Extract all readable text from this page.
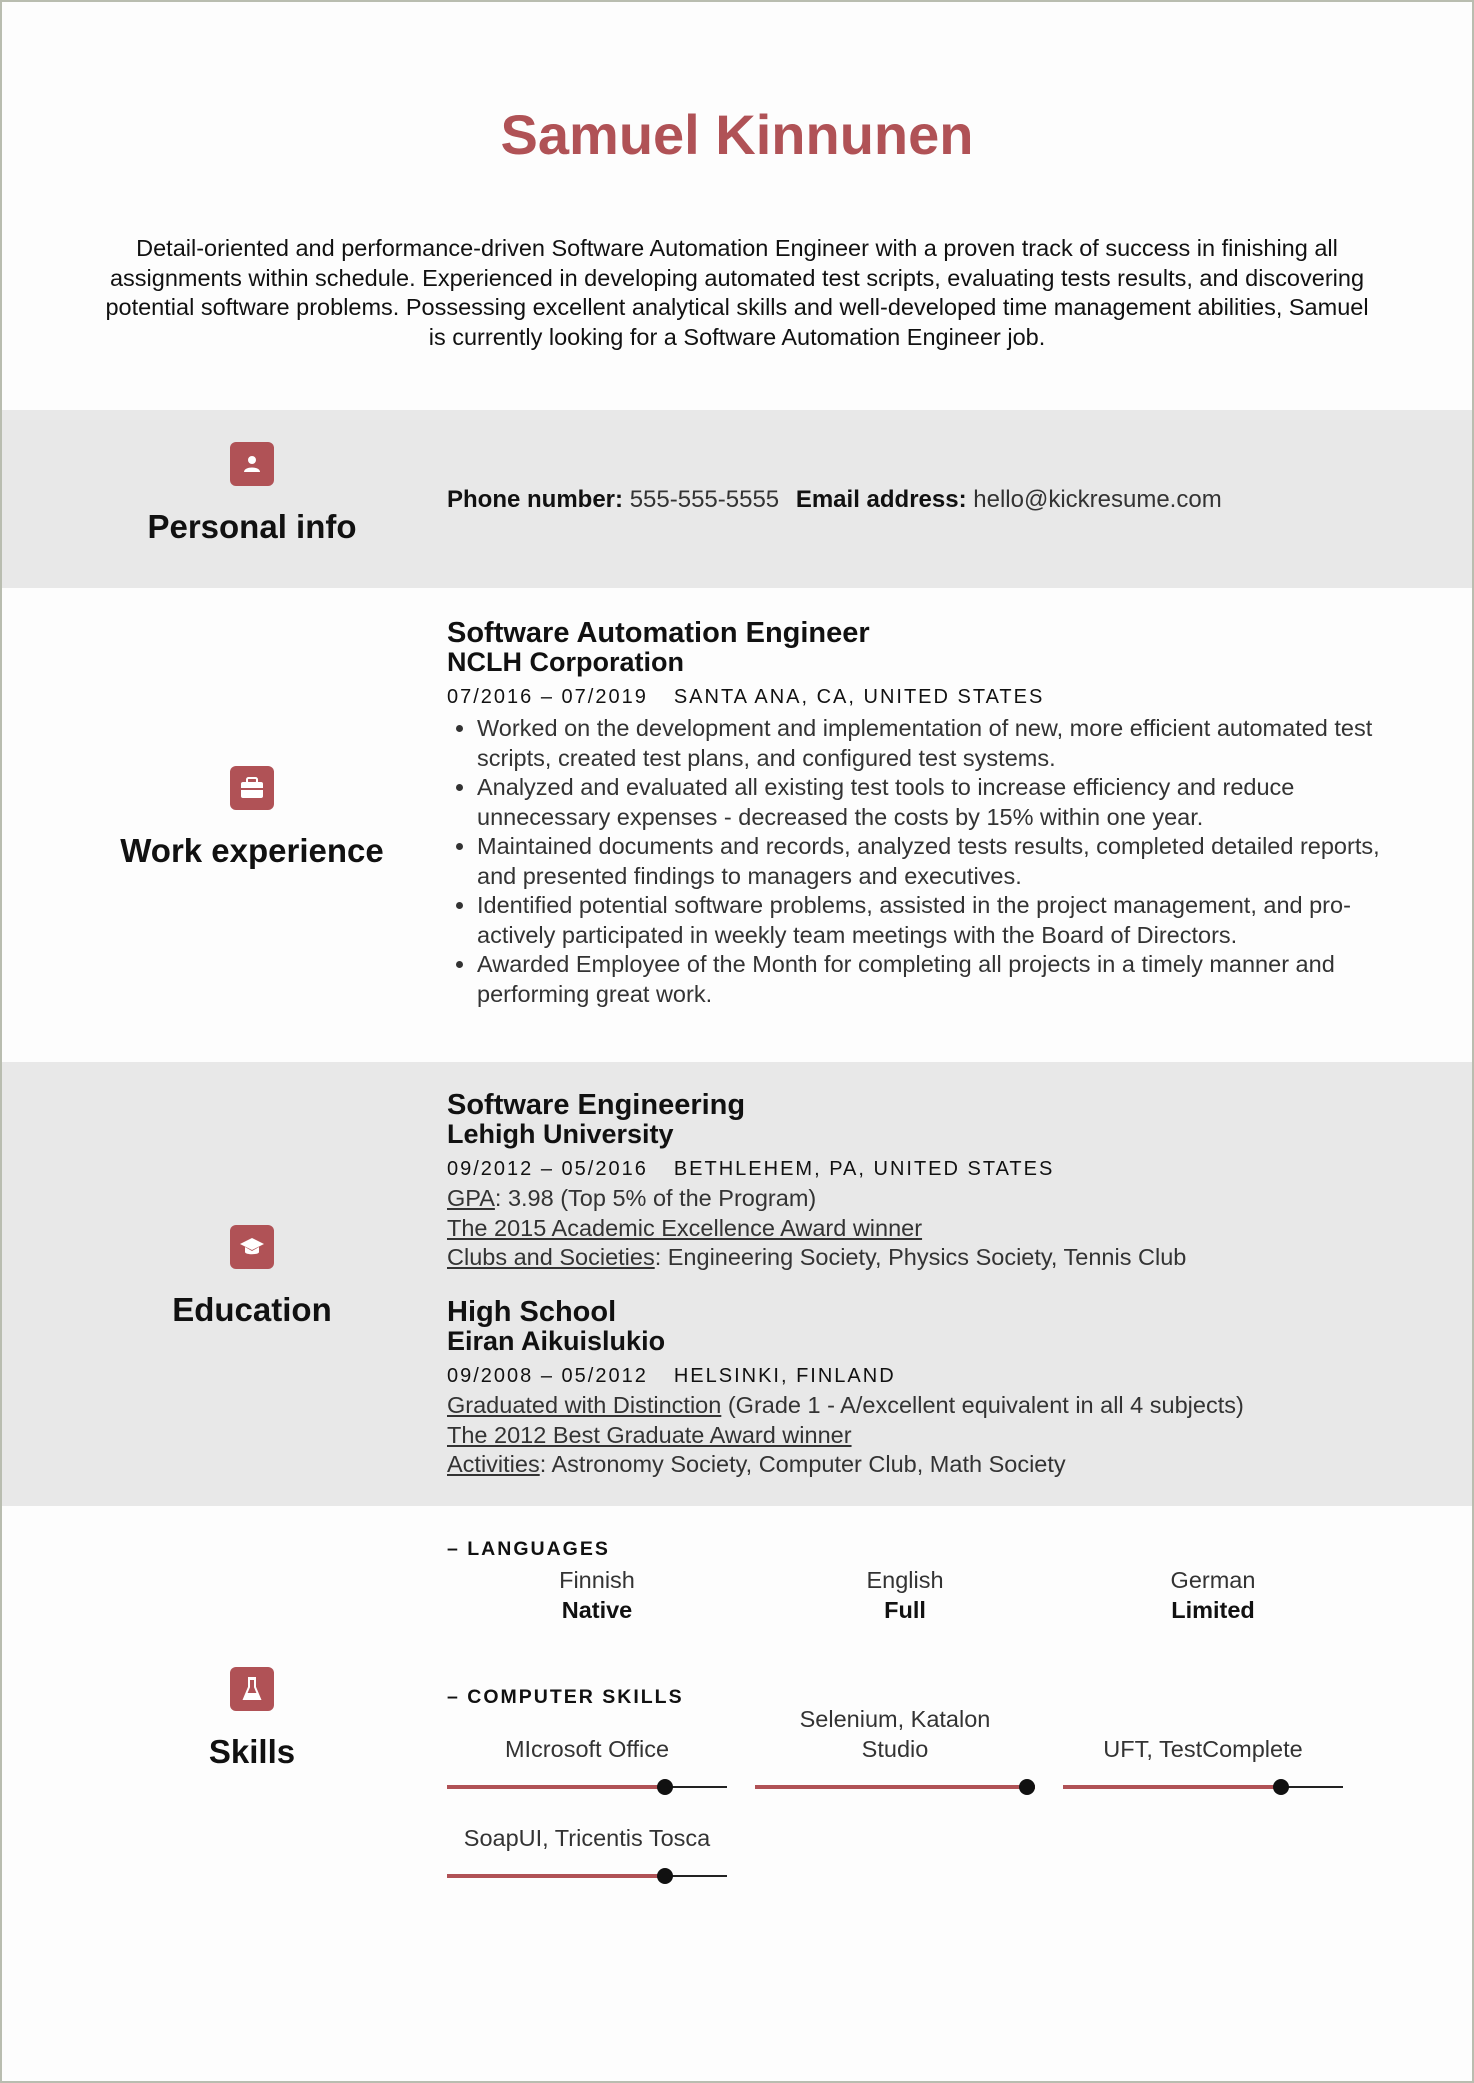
Samuel Kinnunen
Detail-oriented and performance-driven Software Automation Engineer with a proven track of success in finishing all assignments within schedule. Experienced in developing automated test scripts, evaluating tests results, and discovering potential software problems. Possessing excellent analytical skills and well-developed time management abilities, Samuel is currently looking for a Software Automation Engineer job.
Personal info
Phone number: 555-555-5555 Email address: hello@kickresume.com
Work experience
Software Automation Engineer
NCLH Corporation
07/2016 – 07/2019 SANTA ANA, CA, UNITED STATES
• Worked on the development and implementation of new, more efficient automated test scripts, created test plans, and configured test systems.
• Analyzed and evaluated all existing test tools to increase efficiency and reduce unnecessary expenses - decreased the costs by 15% within one year.
• Maintained documents and records, analyzed tests results, completed detailed reports, and presented findings to managers and executives.
• Identified potential software problems, assisted in the project management, and pro-actively participated in weekly team meetings with the Board of Directors.
• Awarded Employee of the Month for completing all projects in a timely manner and performing great work.
Education
Software Engineering
Lehigh University
09/2012 – 05/2016 BETHLEHEM, PA, UNITED STATES
GPA: 3.98 (Top 5% of the Program)
The 2015 Academic Excellence Award winner
Clubs and Societies: Engineering Society, Physics Society, Tennis Club
High School
Eiran Aikuislukio
09/2008 – 05/2012 HELSINKI, FINLAND
Graduated with Distinction (Grade 1 - A/excellent equivalent in all 4 subjects)
The 2012 Best Graduate Award winner
Activities: Astronomy Society, Computer Club, Math Society
Skills
– LANGUAGES
Finnish
Native
English
Full
German
Limited
– COMPUTER SKILLS
MIcrosoft Office
Selenium, Katalon Studio	UFT, TestComplete
SoapUI, Tricentis Tosca
